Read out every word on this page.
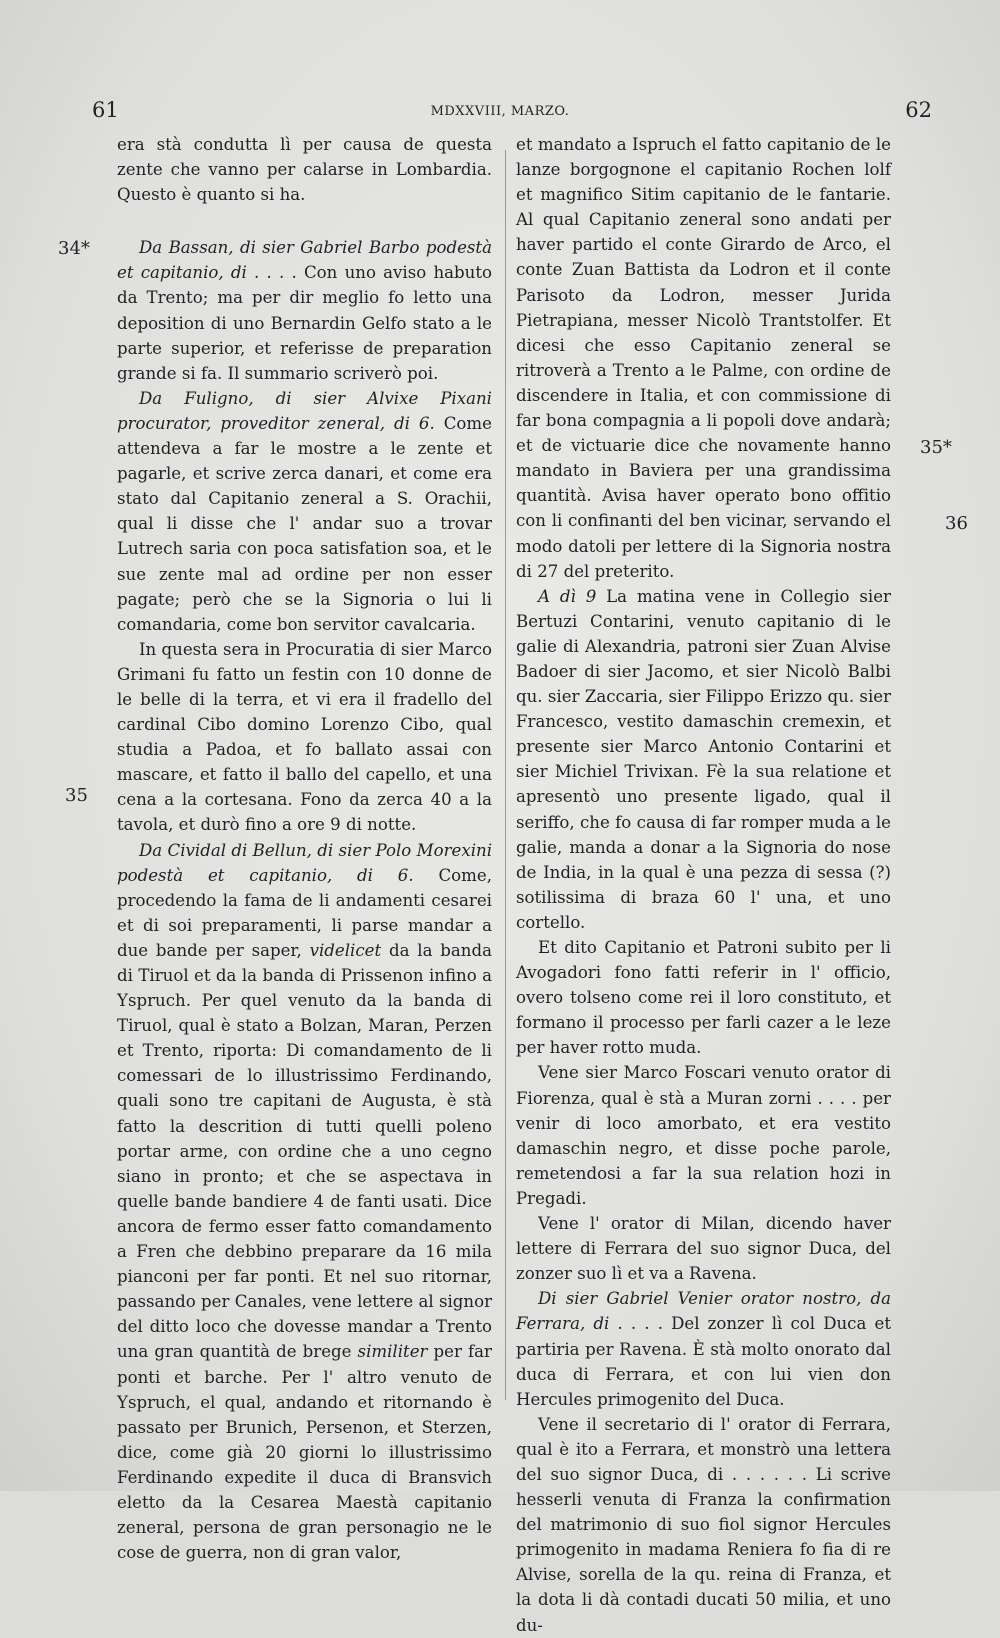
61	MDXXVIII, MARZO.	62
34*
35
35*
36

era stà condutta lì per causa de questa zente che vanno per calarse in Lombardia. Questo è quanto si ha.

Da Bassan, di sier Gabriel Barbo podestà et capitanio, di . . . . Con uno aviso habuto da Trento; ma per dir meglio fo letto una deposition di uno Bernardin Gelfo stato a le parte superior, et referisse de preparation grande si fa. Il summario scriverò poi.

Da Fuligno, di sier Alvixe Pixani procurator, proveditor zeneral, di 6. Come attendeva a far le mostre a le zente et pagarle, et scrive zerca danari, et come era stato dal Capitanio zeneral a S. Orachii, qual li disse che l' andar suo a trovar Lutrech saria con poca satisfation soa, et le sue zente mal ad ordine per non esser pagate; però che se la Signoria o lui li comandaria, come bon servitor cavalcaria.

In questa sera in Procuratia di sier Marco Grimani fu fatto un festin con 10 donne de le belle di la terra, et vi era il fradello del cardinal Cibo domino Lorenzo Cibo, qual studia a Padoa, et fo ballato assai con mascare, et fatto il ballo del capello, et una cena a la cortesana. Fono da zerca 40 a la tavola, et durò fino a ore 9 di notte.

Da Cividal di Bellun, di sier Polo Morexini podestà et capitanio, di 6. Come, procedendo la fama de li andamenti cesarei et di soi preparamenti, li parse mandar a due bande per saper, videlicet da la banda di Tiruol et da la banda di Prissenon infino a Yspruch. Per quel venuto da la banda di Tiruol, qual è stato a Bolzan, Maran, Perzen et Trento, riporta: Di comandamento de li comessari de lo illustrissimo Ferdinando, quali sono tre capitani de Augusta, è stà fatto la descrition di tutti quelli poleno portar arme, con ordine che a uno cegno siano in pronto; et che se aspectava in quelle bande bandiere 4 de fanti usati. Dice ancora de fermo esser fatto comandamento a Fren che debbino preparare da 16 mila pianconi per far ponti. Et nel suo ritornar, passando per Canales, vene lettere al signor del ditto loco che dovesse mandar a Trento una gran quantità de brege similiter per far ponti et barche. Per l' altro venuto de Yspruch, el qual, andando et ritornando è passato per Brunich, Persenon, et Sterzen, dice, come già 20 giorni lo illustrissimo Ferdinando expedite il duca di Bransvich eletto da la Cesarea Maestà capitanio zeneral, persona de gran personagio ne le cose de guerra, non di gran valor,

et mandato a Ispruch el fatto capitanio de le lanze borgognone el capitanio Rochen lolf et magnifico Sitim capitanio de le fantarie. Al qual Capitanio zeneral sono andati per haver partido el conte Girardo de Arco, el conte Zuan Battista da Lodron et il conte Parisoto da Lodron, messer Jurida Pietrapiana, messer Nicolò Trantstolfer. Et dicesi che esso Capitanio zeneral se ritroverà a Trento a le Palme, con ordine de discendere in Italia, et con commissione di far bona compagnia a li popoli dove andarà; et de victuarie dice che novamente hanno mandato in Baviera per una grandissima quantità. Avisa haver operato bono offitio con li confinanti del ben vicinar, servando el modo datoli per lettere di la Signoria nostra di 27 del preterito.

A dì 9 La matina vene in Collegio sier Bertuzi Contarini, venuto capitanio di le galie di Alexandria, patroni sier Zuan Alvise Badoer di sier Jacomo, et sier Nicolò Balbi qu. sier Zaccaria, sier Filippo Erizzo qu. sier Francesco, vestito damaschin cremexin, et presente sier Marco Antonio Contarini et sier Michiel Trivixan. Fè la sua relatione et apresentò uno presente ligado, qual il seriffo, che fo causa di far romper muda a le galie, manda a donar a la Signoria do nose de India, in la qual è una pezza di sessa (?) sotilissima di braza 60 l' una, et uno cortello.

Et dito Capitanio et Patroni subito per li Avogadori fono fatti referir in l' officio, overo tolseno come rei il loro constituto, et formano il processo per farli cazer a le leze per haver rotto muda.

Vene sier Marco Foscari venuto orator di Fiorenza, qual è stà a Muran zorni . . . . per venir di loco amorbato, et era vestito damaschin negro, et disse poche parole, remetendosi a far la sua relation hozi in Pregadi.

Vene l' orator di Milan, dicendo haver lettere di Ferrara del suo signor Duca, del zonzer suo lì et va a Ravena.

Di sier Gabriel Venier orator nostro, da Ferrara, di . . . . Del zonzer lì col Duca et partiria per Ravena. È stà molto onorato dal duca di Ferrara, et con lui vien don Hercules primogenito del Duca.

Vene il secretario di l' orator di Ferrara, qual è ito a Ferrara, et monstrò una lettera del suo signor Duca, di . . . . . . Li scrive hesserli venuta di Franza la confirmation del matrimonio di suo fiol signor Hercules primogenito in madama Reniera fo fia di re Alvise, sorella de la qu. reina di Franza, et la dota li dà contadi ducati 50 milia, et uno du-
